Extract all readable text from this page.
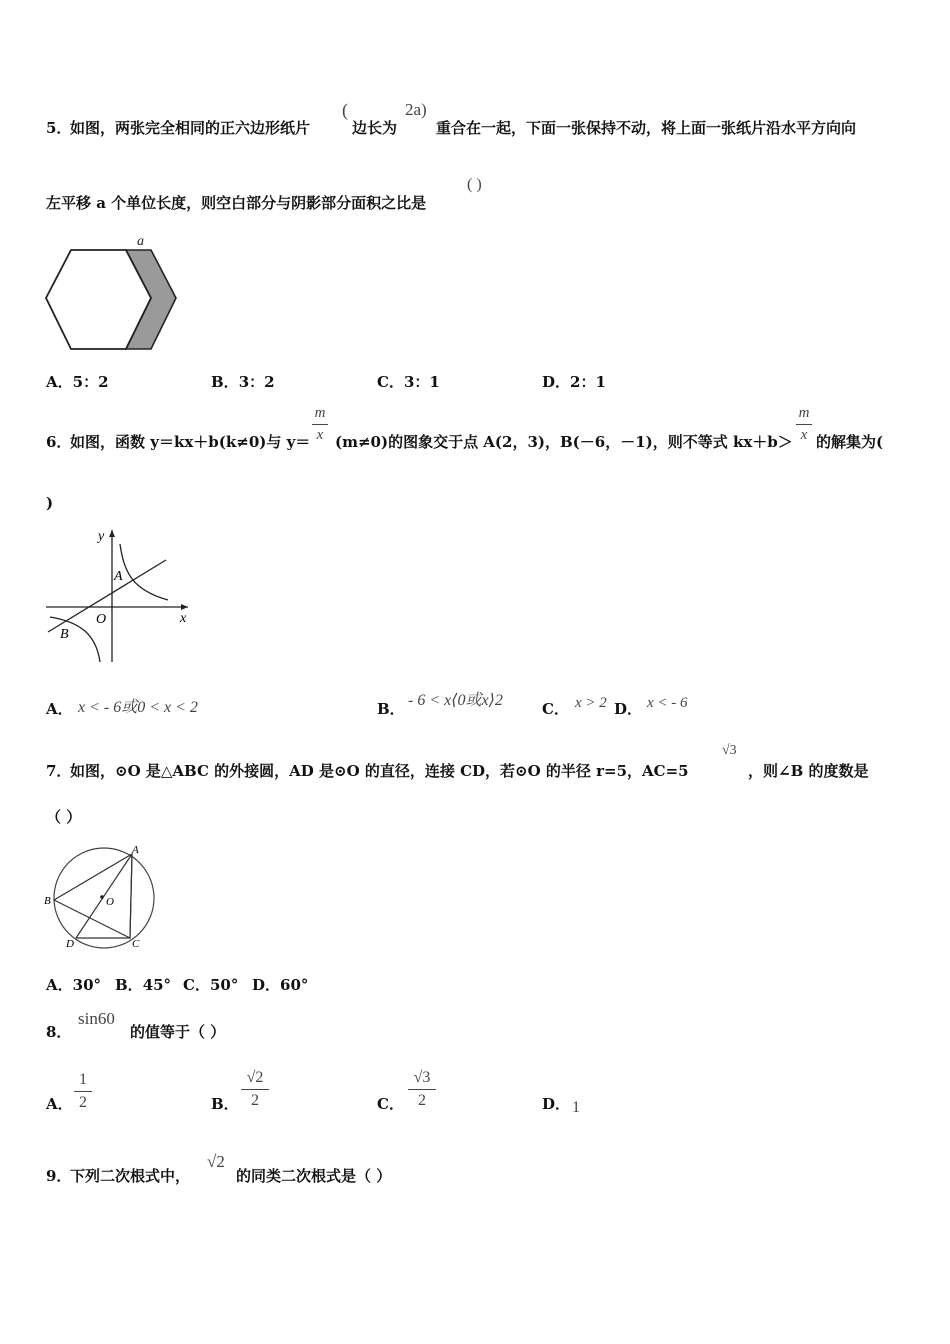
5．
如图，两张完全相同的正六边形纸片
(
边长为
2a)
重合在一起，下面一张保持不动，将上面一张纸片沿水平方向向
左平移 a 个单位长度，则空白部分与阴影部分面积之比是
( )
a
A．5：2	B．3：2	C．3：1	D．2：1
6．
如图，函数 y＝kx＋b(k≠0)与 y＝
m
x (m≠0)的图象交于点 A(2，3)，B(－6，－1)，则不等式 kx＋b＞
m
x 的解集为(
)
y
x
A
O
B
A． x < - 6或0 < x < 2	B． - 6 < x⟨0或x⟩2	C． x > 2 D． x < - 6
7．
如图，⊙O 是△ABC 的外接圆，AD 是⊙O 的直径，连接 CD，若⊙O 的半径 r=5，AC=5
√3
，则∠B 的度数是
（ ）
A
B
C
D
O
A．30° B．45° C．50° D．60°
8．
sin60
的值等于（ ）
A．
1
2	B．
√2
2	C．
√3
2	D． 1
9．
下列二次根式中，
√2
的同类二次根式是（ ）
